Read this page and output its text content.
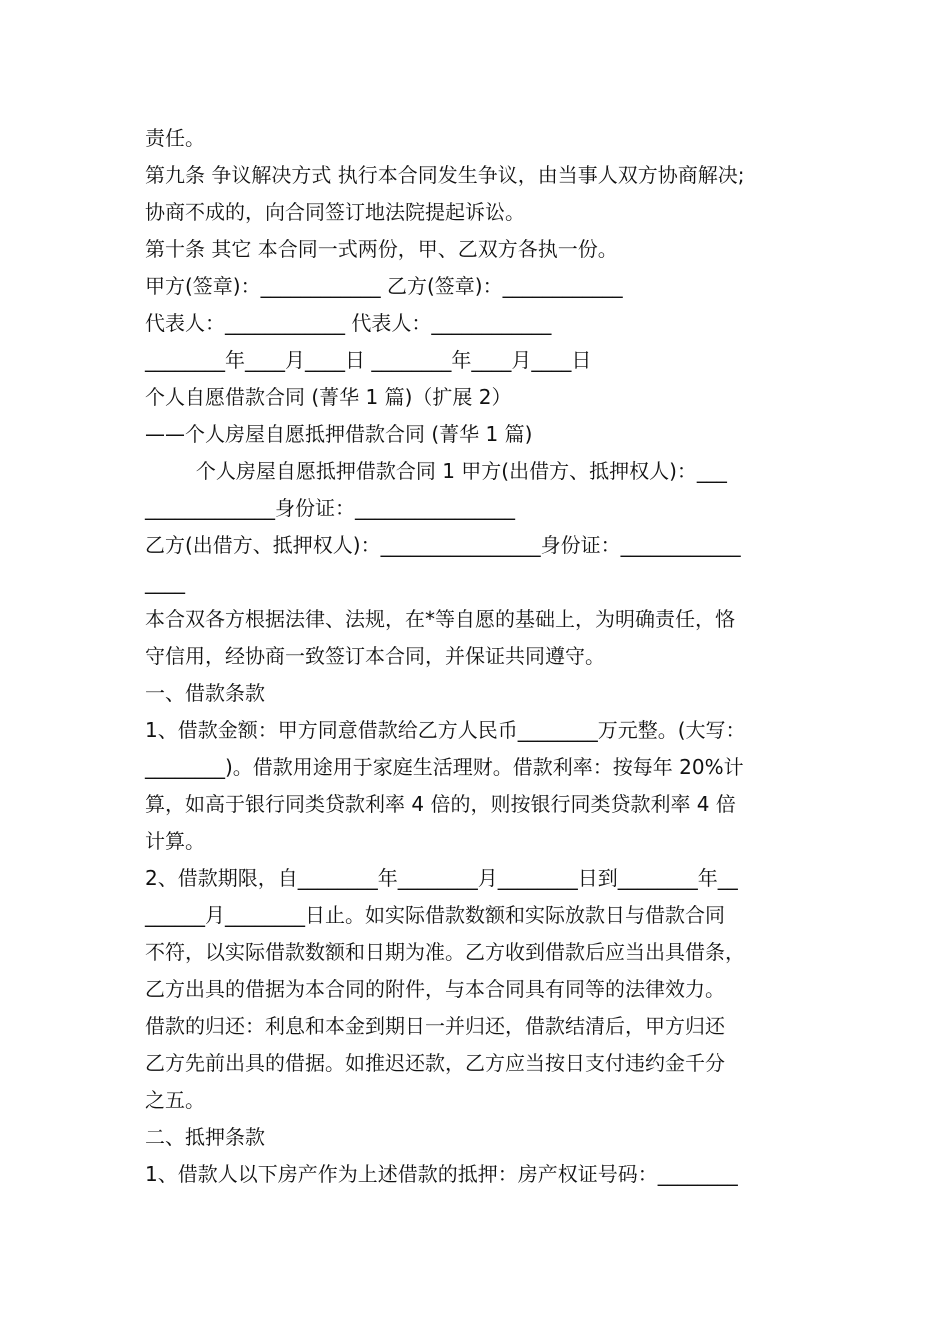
责任。
第九条 争议解决方式 执行本合同发生争议，由当事人双方协商解决;
协商不成的，向合同签订地法院提起诉讼。
第十条 其它 本合同一式两份，甲、乙双方各执一份。
甲方(签章)：____________ 乙方(签章)：____________
代表人：____________ 代表人：____________
________年____月____日 ________年____月____日
个人自愿借款合同 (菁华 1 篇)（扩展 2）
——个人房屋自愿抵押借款合同 (菁华 1 篇)
个人房屋自愿抵押借款合同 1 甲方(出借方、抵押权人)：___
_____________身份证：________________
乙方(出借方、抵押权人)：________________身份证：____________
____
本合双各方根据法律、法规，在*等自愿的基础上，为明确责任，恪
守信用，经协商一致签订本合同，并保证共同遵守。
一、借款条款
1、借款金额：甲方同意借款给乙方人民币________万元整。(大写：
________)。借款用途用于家庭生活理财。借款利率：按每年 20%计
算，如高于银行同类贷款利率 4 倍的，则按银行同类贷款利率 4 倍
计算。
2、借款期限，自________年________月________日到________年__
______月________日止。如实际借款数额和实际放款日与借款合同
不符，以实际借款数额和日期为准。乙方收到借款后应当出具借条，
乙方出具的借据为本合同的附件，与本合同具有同等的法律效力。
借款的归还：利息和本金到期日一并归还，借款结清后，甲方归还
乙方先前出具的借据。如推迟还款，乙方应当按日支付违约金千分
之五。
二、抵押条款
1、借款人以下房产作为上述借款的抵押：房产权证号码：________
